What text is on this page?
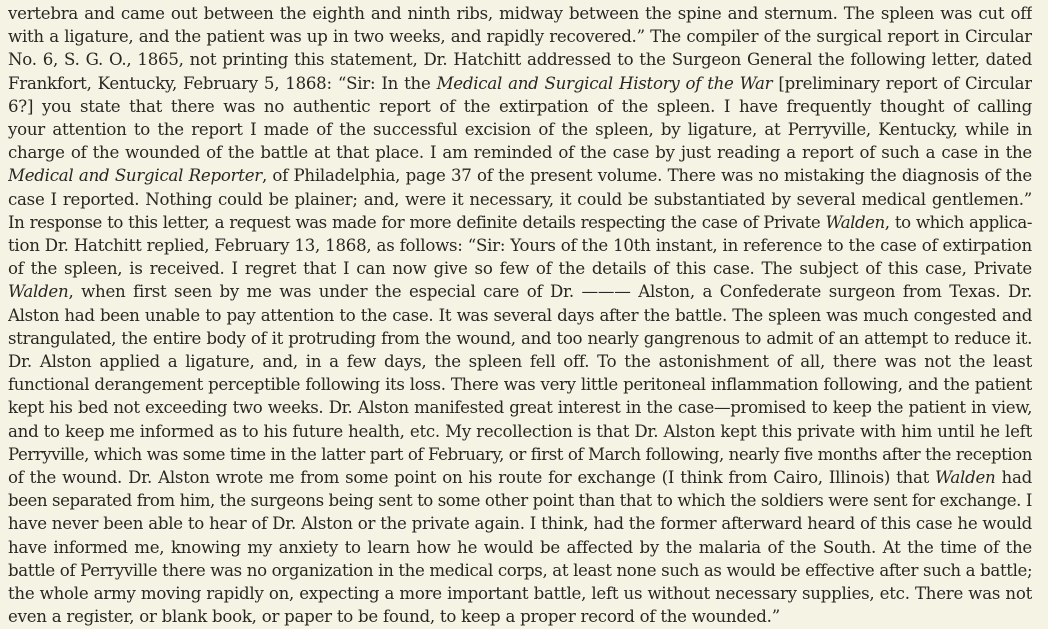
vertebra and came out between the eighth and ninth ribs, midway between the spine and sternum. The spleen was cut off
with a ligature, and the patient was up in two weeks, and rapidly recovered.” The compiler of the surgical report in Circular
No. 6, S. G. O., 1865, not printing this statement, Dr. Hatchitt addressed to the Surgeon General the following letter, dated
Frankfort, Kentucky, February 5, 1868: “Sir: In the Medical and Surgical History of the War [preliminary report of Circular
6?] you state that there was no authentic report of the extirpation of the spleen. I have frequently thought of calling
your attention to the report I made of the successful excision of the spleen, by ligature, at Perryville, Kentucky, while in
charge of the wounded of the battle at that place. I am reminded of the case by just reading a report of such a case in the
Medical and Surgical Reporter, of Philadelphia, page 37 of the present volume. There was no mistaking the diagnosis of the
case I reported. Nothing could be plainer; and, were it necessary, it could be substantiated by several medical gentlemen.”
In response to this letter, a request was made for more definite details respecting the case of Private Walden, to which applica-
tion Dr. Hatchitt replied, February 13, 1868, as follows: “Sir: Yours of the 10th instant, in reference to the case of extirpation
of the spleen, is received. I regret that I can now give so few of the details of this case. The subject of this case, Private
Walden, when first seen by me was under the especial care of Dr. ——— Alston, a Confederate surgeon from Texas. Dr.
Alston had been unable to pay attention to the case. It was several days after the battle. The spleen was much congested and
strangulated, the entire body of it protruding from the wound, and too nearly gangrenous to admit of an attempt to reduce it.
Dr. Alston applied a ligature, and, in a few days, the spleen fell off. To the astonishment of all, there was not the least
functional derangement perceptible following its loss. There was very little peritoneal inflammation following, and the patient
kept his bed not exceeding two weeks. Dr. Alston manifested great interest in the case—promised to keep the patient in view,
and to keep me informed as to his future health, etc. My recollection is that Dr. Alston kept this private with him until he left
Perryville, which was some time in the latter part of February, or first of March following, nearly five months after the reception
of the wound. Dr. Alston wrote me from some point on his route for exchange (I think from Cairo, Illinois) that Walden had
been separated from him, the surgeons being sent to some other point than that to which the soldiers were sent for exchange. I
have never been able to hear of Dr. Alston or the private again. I think, had the former afterward heard of this case he would
have informed me, knowing my anxiety to learn how he would be affected by the malaria of the South. At the time of the
battle of Perryville there was no organization in the medical corps, at least none such as would be effective after such a battle;
the whole army moving rapidly on, expecting a more important battle, left us without necessary supplies, etc. There was not
even a register, or blank book, or paper to be found, to keep a proper record of the wounded.”
